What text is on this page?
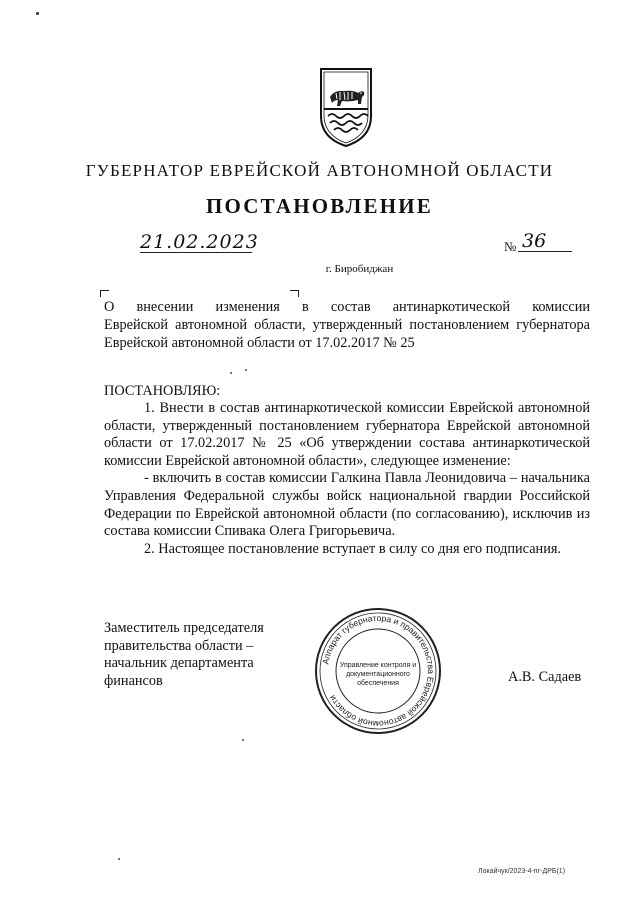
ГУБЕРНАТОР ЕВРЕЙСКОЙ АВТОНОМНОЙ ОБЛАСТИ
ПОСТАНОВЛЕНИЕ
21.02.2023	№ 36
г. Биробиджан
О внесении изменения в состав антинаркотической комиссии
Еврейской автономной области, утвержденный постановлением губернатора
Еврейской автономной области от 17.02.2017 № 25
ПОСТАНОВЛЯЮ:

1. Внести в состав антинаркотической комиссии Еврейской автономной области, утвержденный постановлением губернатора Еврейской автономной области от 17.02.2017 № 25 «Об утверждении состава антинаркотической комиссии Еврейской автономной области», следующее изменение:

- включить в состав комиссии Галкина Павла Леонидовича – начальника Управления Федеральной службы войск национальной гвардии Российской Федерации по Еврейской автономной области (по согласованию), исключив из состава комиссии Спивака Олега Григорьевича.

2. Настоящее постановление вступает в силу со дня его подписания.

Заместитель председателя
правительства области –
начальник департамента
финансов
Аппарат губернатора и правительства Еврейской автономной области
Управление контроля и
документационного
обеспечения	А.В. Садаев
Локайчук/2023-4-пг-ДРБ(1)
